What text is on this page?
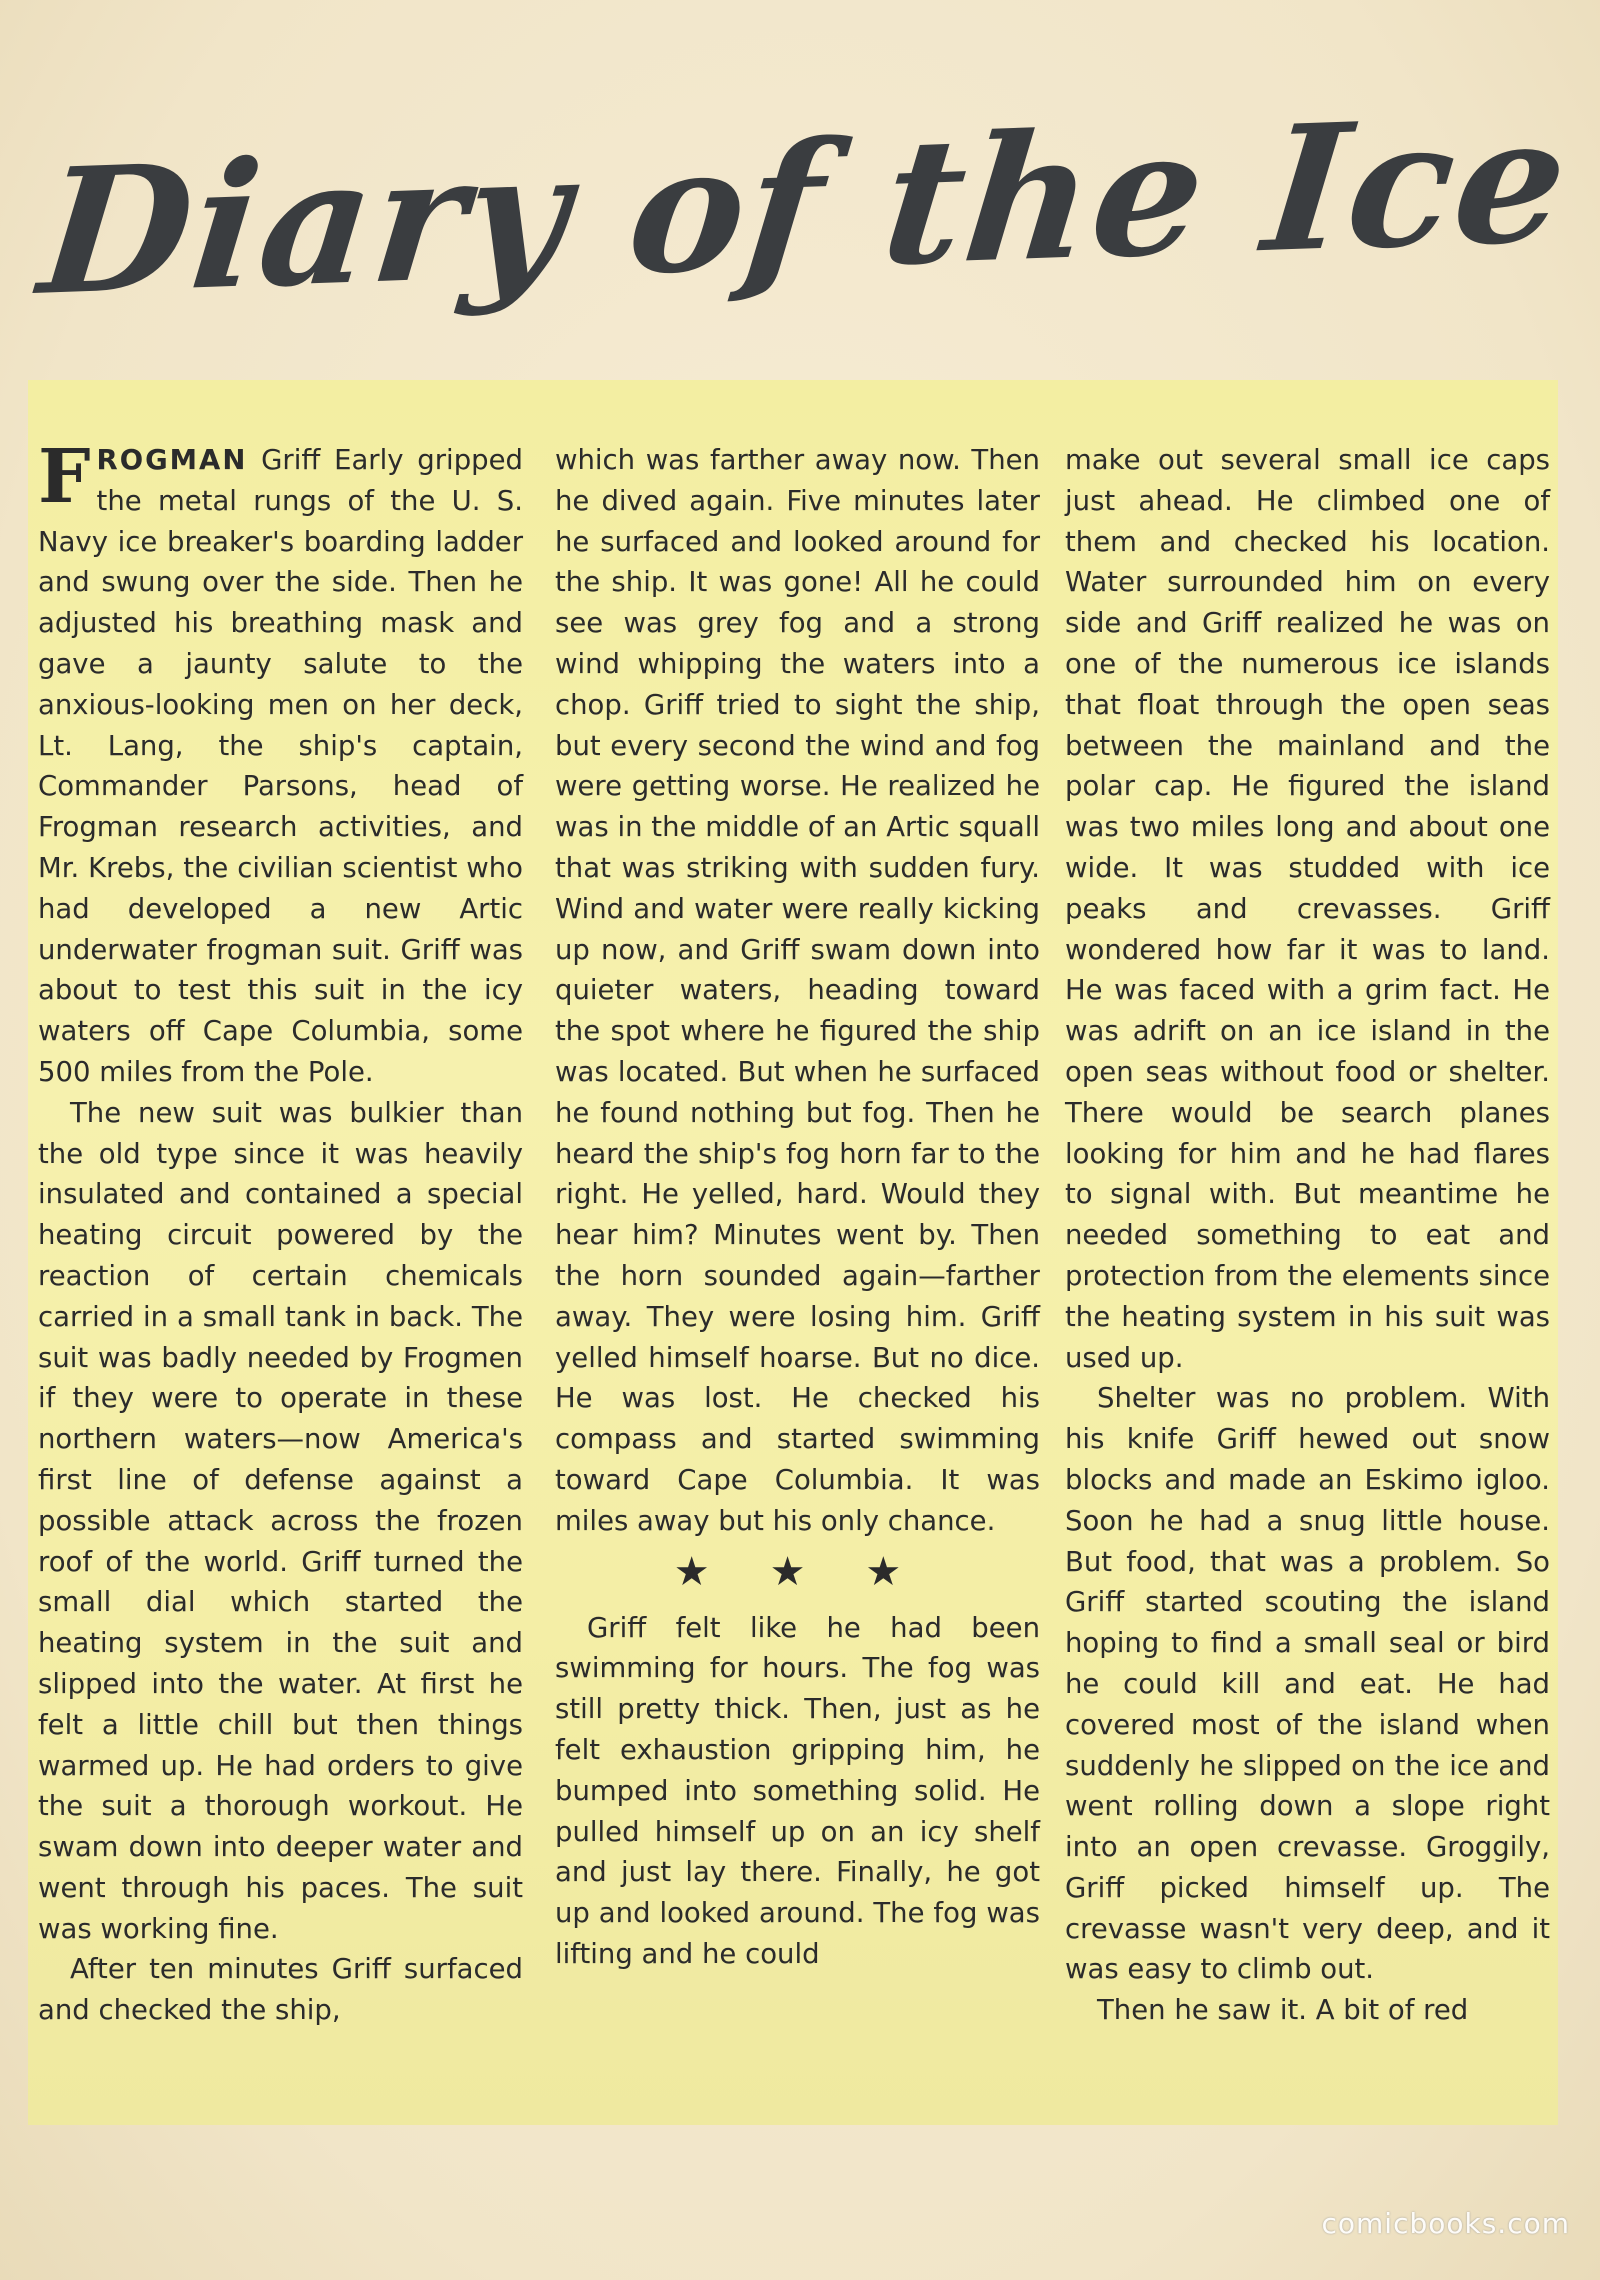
Diary of the Ice

FROGMAN Griff Early gripped the metal rungs of the U. S. Navy ice breaker's boarding ladder and swung over the side. Then he adjusted his breathing mask and gave a jaunty salute to the anxious-looking men on her deck, Lt. Lang, the ship's captain, Commander Parsons, head of Frogman research activities, and Mr. Krebs, the civilian scientist who had developed a new Artic underwater frogman suit. Griff was about to test this suit in the icy waters off Cape Columbia, some 500 miles from the Pole.

The new suit was bulkier than the old type since it was heavily insulated and contained a special heating circuit powered by the reaction of certain chemicals carried in a small tank in back. The suit was badly needed by Frogmen if they were to operate in these northern waters—now America's first line of defense against a possible attack across the frozen roof of the world. Griff turned the small dial which started the heating system in the suit and slipped into the water. At first he felt a little chill but then things warmed up. He had orders to give the suit a thorough workout. He swam down into deeper water and went through his paces. The suit was working fine.

After ten minutes Griff surfaced and checked the ship,

which was farther away now. Then he dived again. Five minutes later he surfaced and looked around for the ship. It was gone! All he could see was grey fog and a strong wind whipping the waters into a chop. Griff tried to sight the ship, but every second the wind and fog were getting worse. He realized he was in the middle of an Artic squall that was striking with sudden fury. Wind and water were really kicking up now, and Griff swam down into quieter waters, heading toward the spot where he figured the ship was located. But when he surfaced he found nothing but fog. Then he heard the ship's fog horn far to the right. He yelled, hard. Would they hear him? Minutes went by. Then the horn sounded again—farther away. They were losing him. Griff yelled himself hoarse. But no dice. He was lost. He checked his compass and started swimming toward Cape Columbia. It was miles away but his only chance.

★★★

Griff felt like he had been swimming for hours. The fog was still pretty thick. Then, just as he felt exhaustion gripping him, he bumped into something solid. He pulled himself up on an icy shelf and just lay there. Finally, he got up and looked around. The fog was lifting and he could

make out several small ice caps just ahead. He climbed one of them and checked his location. Water surrounded him on every side and Griff realized he was on one of the numerous ice islands that float through the open seas between the mainland and the polar cap. He figured the island was two miles long and about one wide. It was studded with ice peaks and crevasses. Griff wondered how far it was to land. He was faced with a grim fact. He was adrift on an ice island in the open seas without food or shelter. There would be search planes looking for him and he had flares to signal with. But meantime he needed something to eat and protection from the elements since the heating system in his suit was used up.

Shelter was no problem. With his knife Griff hewed out snow blocks and made an Eskimo igloo. Soon he had a snug little house. But food, that was a problem. So Griff started scouting the island hoping to find a small seal or bird he could kill and eat. He had covered most of the island when suddenly he slipped on the ice and went rolling down a slope right into an open crevasse. Groggily, Griff picked himself up. The crevasse wasn't very deep, and it was easy to climb out.

Then he saw it. A bit of red

comicbooks.com
